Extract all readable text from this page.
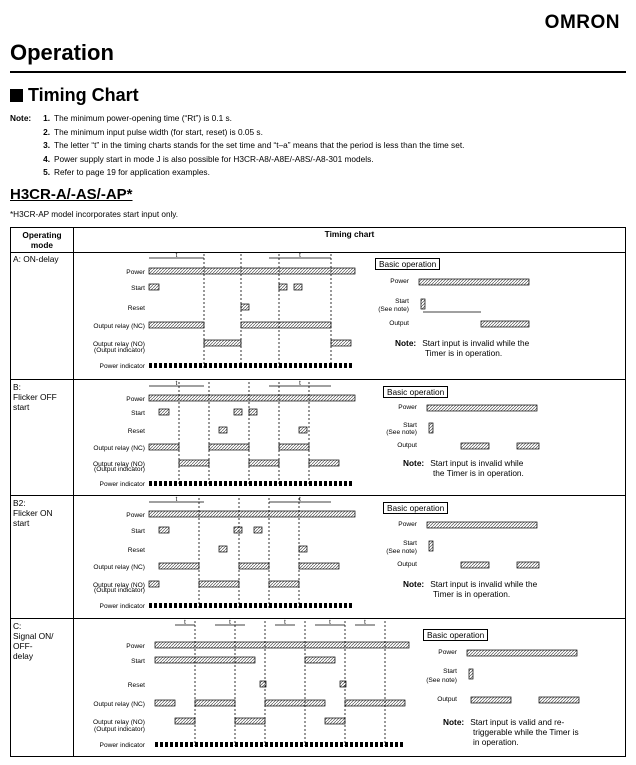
OMRON
Operation
Timing Chart
Note:	1. The minimum power-opening time (“Rt”) is 0.1 s.
2. The minimum input pulse width (for start, reset) is 0.05 s.
3. The letter “t” in the timing charts stands for the set time and “t–a” means that the period is less than the time set.
4. Power supply start in mode J is also possible for H3CR-A8/-A8E/-A8S/-A8-301 models.
5. Refer to page 19 for application examples.
H3CR-A/-AS/-AP*
*H3CR-AP model incorporates start input only.
Operating mode
Timing chart
A: ON-delay
Power
Start
Reset
Output relay (NC)
Output relay (NO)
(Output indicator)
Power indicator
t	t
Basic operation
Power
Start
(See note)
Output
Note: Start input is invalid while the
Timer is in operation.
B:
Flicker OFF
start
Power
Start
Reset
Output relay (NC)
Output relay (NO)
(Output indicator)
Power indicator
t	t
Basic operation
Power
Start
(See note)
Output
Note: Start input is invalid while
the Timer is in operation.
B2:
Flicker ON
start
Power
Start
Reset
Output relay (NC)
Output relay (NO)
(Output indicator)
Power indicator
t	t
Basic operation
Power
Start
(See note)
Output
Note: Start input is invalid while the
Timer is in operation.
C:
Signal ON/
OFF-
delay
Power
Start
Reset
Output relay (NC)
Output relay (NO)
(Output indicator)
Power indicator
t	t	t	t	t
Basic operation
Power
Start
(See note)
Output
Note: Start input is valid and re-
triggerable while the Timer is
in operation.
